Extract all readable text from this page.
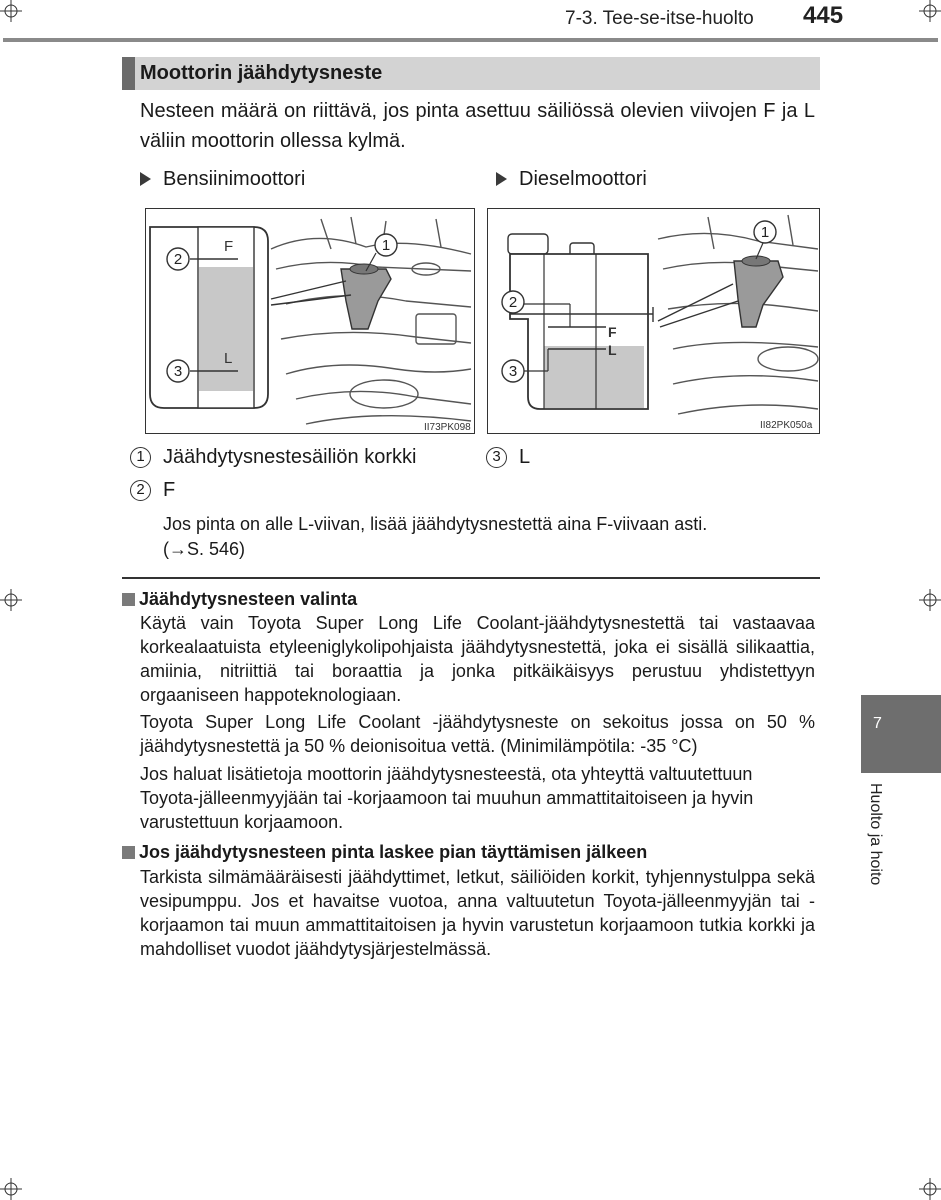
7-3. Tee-se-itse-huolto 445
Moottorin jäähdytysneste
Nesteen määrä on riittävä, jos pinta asettuu säiliössä olevien viivojen F ja L väliin moottorin ollessa kylmä.
Bensiinimoottori	Dieselmoottori
F
L
2
3
1
II73PK098
F
L
2
3
1
II82PK050a
1 Jäähdytysnestesäiliön korkki	3 L
2 F
Jos pinta on alle L-viivan, lisää jäähdytysnestettä aina F-viivaan asti.
(→S. 546)
Jäähdytysnesteen valinta
Käytä vain Toyota Super Long Life Coolant-jäähdytysnestettä tai vastaavaa korkealaatuista etyleeniglykolipohjaista jäähdytysnestettä, joka ei sisällä silikaattia, amiinia, nitriittiä tai boraattia ja jonka pitkäikäisyys perustuu yhdistettyyn orgaaniseen happoteknologiaan.
Toyota Super Long Life Coolant -jäähdytysneste on sekoitus jossa on 50 % jäähdytysnestettä ja 50 % deionisoitua vettä. (Minimilämpötila: -35 °C)
Jos haluat lisätietoja moottorin jäähdytysnesteestä, ota yhteyttä valtuutettuun Toyota-jälleenmyyjään tai -korjaamoon tai muuhun ammattitaitoiseen ja hyvin varustettuun korjaamoon.
Jos jäähdytysnesteen pinta laskee pian täyttämisen jälkeen
Tarkista silmämääräisesti jäähdyttimet, letkut, säiliöiden korkit, tyhjennystulppa sekä vesipumppu. Jos et havaitse vuotoa, anna valtuutetun Toyota-jälleenmyyjän tai -korjaamon tai muun ammattitaitoisen ja hyvin varustetun korjaamoon tutkia korkki ja mahdolliset vuodot jäähdytysjärjestelmässä.
7
Huolto ja hoito
